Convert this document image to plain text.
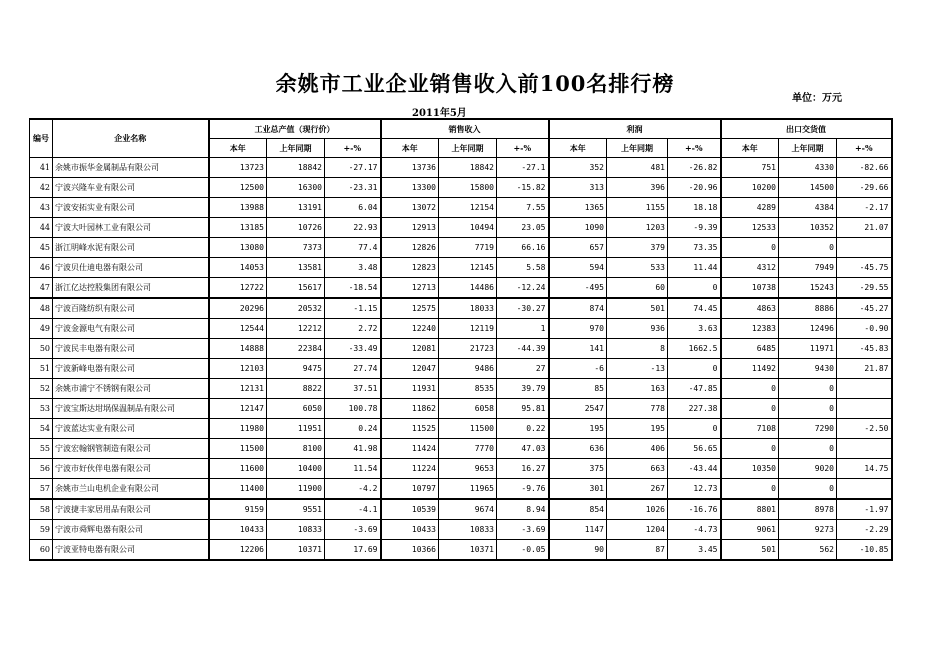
余姚市工业企业销售收入前100名排行榜
2011年5月
单位：万元
编号	企业名称	工业总产值（现行价）			销售收入			利润			出口交货值		
		本年	上年同期	+-%	本年	上年同期	+-%	本年	上年同期	+-%	本年	上年同期	+-%
41	余姚市振华金属制品有限公司	13723	18842	-27.17	13736	18842	-27.1	352	481	-26.82	751	4330	-82.66
42	宁波兴隆车业有限公司	12500	16300	-23.31	13300	15800	-15.82	313	396	-20.96	10200	14500	-29.66
43	宁波安拓实业有限公司	13988	13191	6.04	13072	12154	7.55	1365	1155	18.18	4289	4384	-2.17
44	宁波大叶园林工业有限公司	13185	10726	22.93	12913	10494	23.05	1090	1203	-9.39	12533	10352	21.07
45	浙江明峰水泥有限公司	13080	7373	77.4	12826	7719	66.16	657	379	73.35	0	0	
46	宁波贝仕迪电器有限公司	14053	13581	3.48	12823	12145	5.58	594	533	11.44	4312	7949	-45.75
47	浙江亿达控股集团有限公司	12722	15617	-18.54	12713	14486	-12.24	-495	60	0	10738	15243	-29.55
48	宁波百隆纺织有限公司	20296	20532	-1.15	12575	18033	-30.27	874	501	74.45	4863	8886	-45.27
49	宁波金源电气有限公司	12544	12212	2.72	12240	12119	1	970	936	3.63	12383	12496	-0.90
50	宁波民丰电器有限公司	14888	22384	-33.49	12081	21723	-44.39	141	8	1662.5	6485	11971	-45.83
51	宁波新峰电器有限公司	12103	9475	27.74	12047	9486	27	-6	-13	0	11492	9430	21.87
52	余姚市浦宁不锈钢有限公司	12131	8822	37.51	11931	8535	39.79	85	163	-47.85	0	0	
53	宁波宝斯达坩埚保温制品有限公司	12147	6050	100.78	11862	6058	95.81	2547	778	227.38	0	0	
54	宁波蓝达实业有限公司	11980	11951	0.24	11525	11500	0.22	195	195	0	7108	7290	-2.50
55	宁波宏翰钢管制造有限公司	11500	8100	41.98	11424	7770	47.03	636	406	56.65	0	0	
56	宁波市好伙伴电器有限公司	11600	10400	11.54	11224	9653	16.27	375	663	-43.44	10350	9020	14.75
57	余姚市兰山电机企业有限公司	11400	11900	-4.2	10797	11965	-9.76	301	267	12.73	0	0	
58	宁波捷丰家居用品有限公司	9159	9551	-4.1	10539	9674	8.94	854	1026	-16.76	8801	8978	-1.97
59	宁波市舜辉电器有限公司	10433	10833	-3.69	10433	10833	-3.69	1147	1204	-4.73	9061	9273	-2.29
60	宁波亚特电器有限公司	12206	10371	17.69	10366	10371	-0.05	90	87	3.45	501	562	-10.85
